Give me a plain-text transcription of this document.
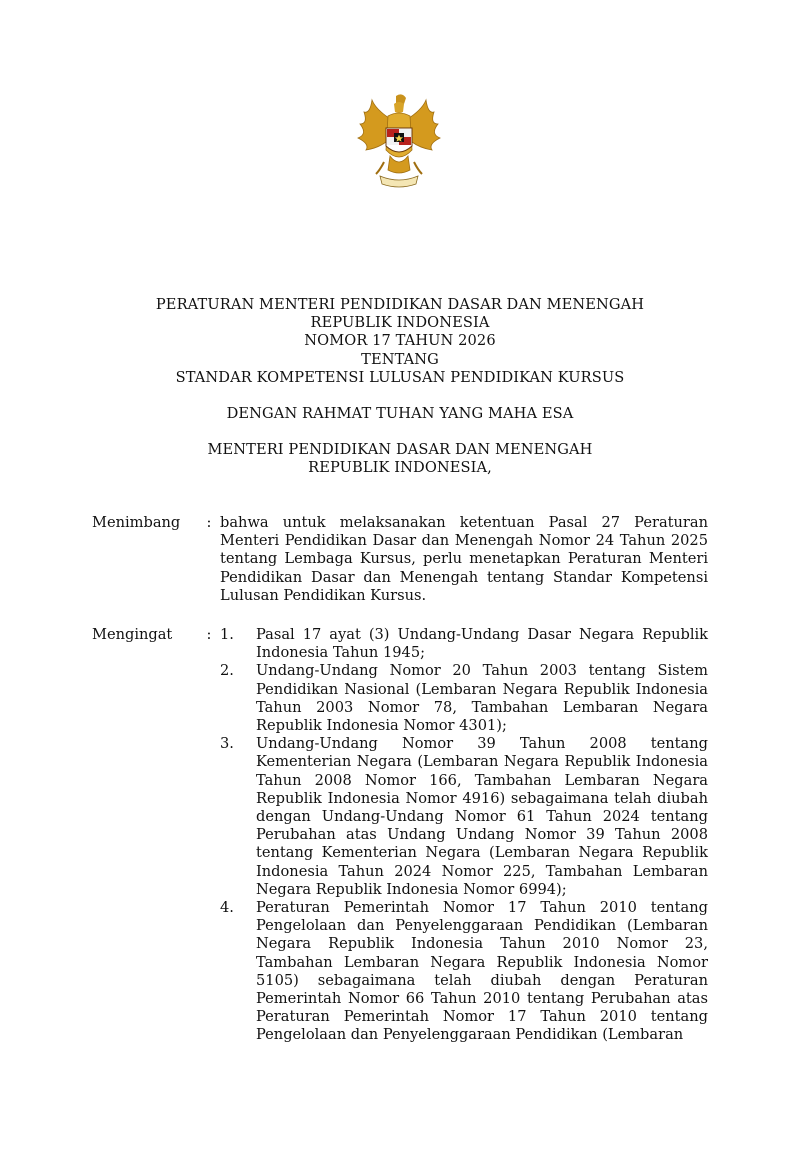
PERATURAN MENTERI PENDIDIKAN DASAR DAN MENENGAH
REPUBLIK INDONESIA
NOMOR 17 TAHUN 2026
TENTANG
STANDAR KOMPETENSI LULUSAN PENDIDIKAN KURSUS
DENGAN RAHMAT TUHAN YANG MAHA ESA
MENTERI PENDIDIKAN DASAR DAN MENENGAH
REPUBLIK INDONESIA,
Menimbang	: bahwa untuk melaksanakan ketentuan Pasal 27 Peraturan Menteri Pendidikan Dasar dan Menengah Nomor 24 Tahun 2025 tentang Lembaga Kursus, perlu menetapkan Peraturan Menteri Pendidikan Dasar dan Menengah tentang Standar Kompetensi Lulusan Pendidikan Kursus.
Mengingat	: 1.	Pasal 17 ayat (3) Undang-Undang Dasar Negara Republik Indonesia Tahun 1945;
2.	Undang-Undang Nomor 20 Tahun 2003 tentang Sistem Pendidikan Nasional (Lembaran Negara Republik Indonesia Tahun 2003 Nomor 78, Tambahan Lembaran Negara Republik Indonesia Nomor 4301);
3.	Undang-Undang Nomor 39 Tahun 2008 tentang Kementerian Negara (Lembaran Negara Republik Indonesia Tahun 2008 Nomor 166, Tambahan Lembaran Negara Republik Indonesia Nomor 4916) sebagaimana telah diubah dengan Undang-Undang Nomor 61 Tahun 2024 tentang Perubahan atas Undang Undang Nomor 39 Tahun 2008 tentang Kementerian Negara (Lembaran Negara Republik Indonesia Tahun 2024 Nomor 225, Tambahan Lembaran Negara Republik Indonesia Nomor 6994);
4.	Peraturan Pemerintah Nomor 17 Tahun 2010 tentang Pengelolaan dan Penyelenggaraan Pendidikan (Lembaran Negara Republik Indonesia Tahun 2010 Nomor 23, Tambahan Lembaran Negara Republik Indonesia Nomor 5105) sebagaimana telah diubah dengan Peraturan Pemerintah Nomor 66 Tahun 2010 tentang Perubahan atas Peraturan Pemerintah Nomor 17 Tahun 2010 tentang Pengelolaan dan Penyelenggaraan Pendidikan (Lembaran
